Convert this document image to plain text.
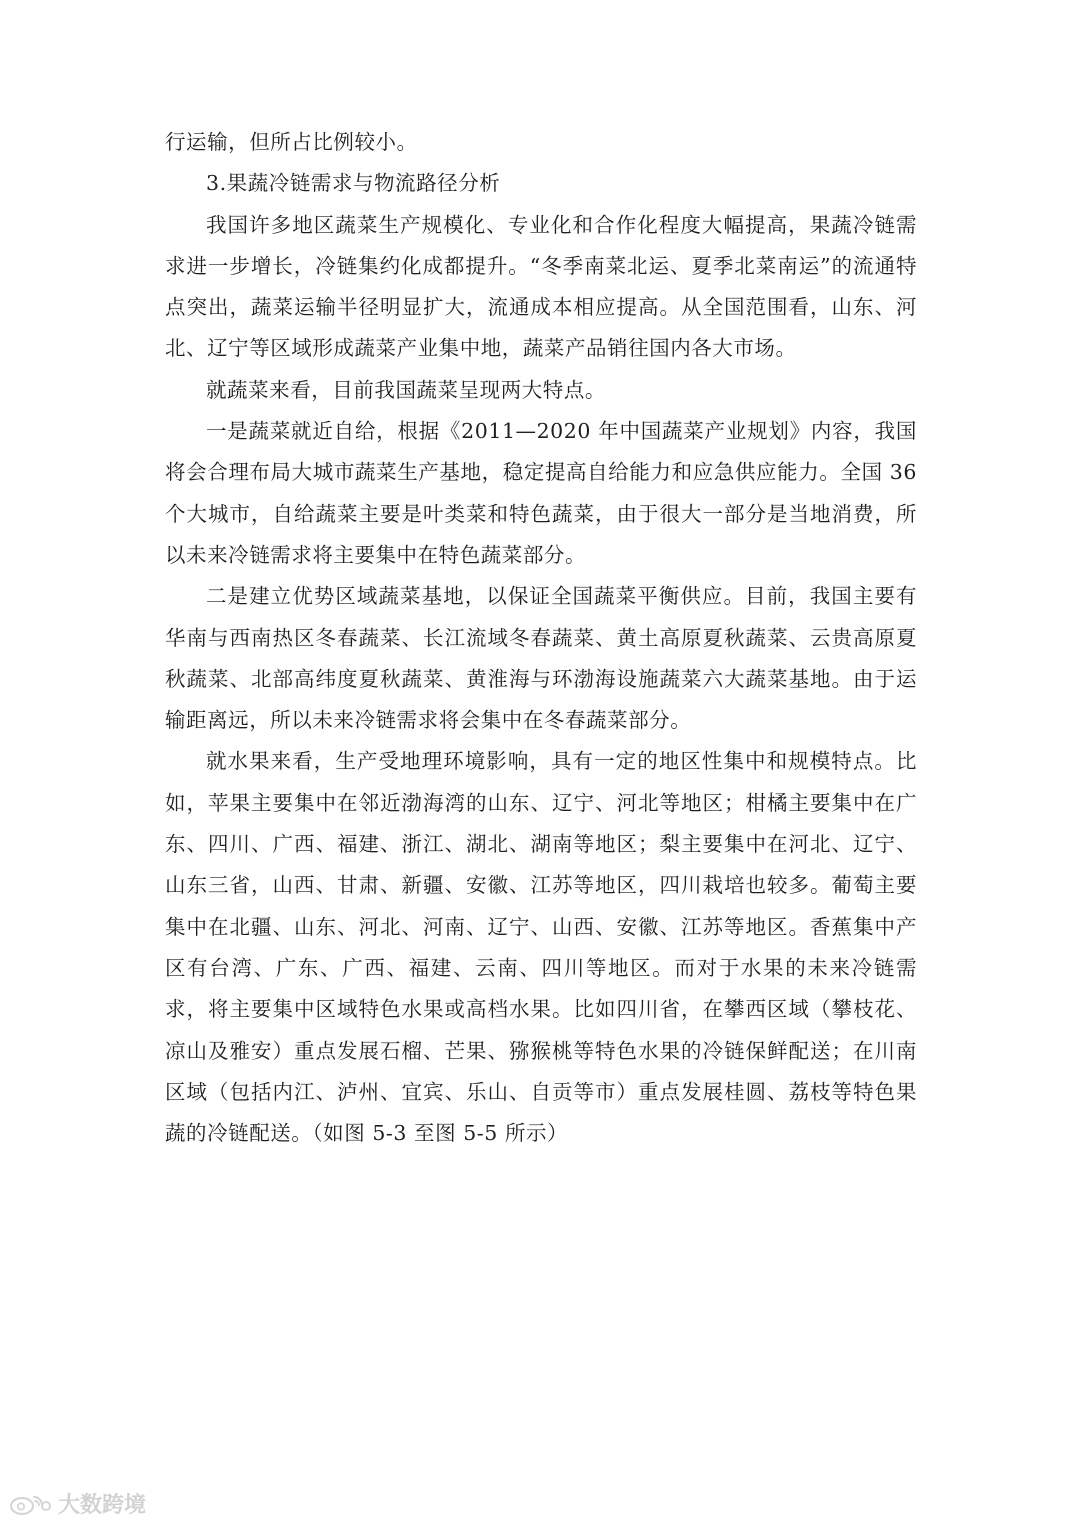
行运输，但所占比例较小。

3.果蔬冷链需求与物流路径分析

我国许多地区蔬菜生产规模化、专业化和合作化程度大幅提高，果蔬冷链需求进一步增长，冷链集约化成都提升。“冬季南菜北运、夏季北菜南运”的流通特点突出，蔬菜运输半径明显扩大，流通成本相应提高。从全国范围看，山东、河北、辽宁等区域形成蔬菜产业集中地，蔬菜产品销往国内各大市场。

就蔬菜来看，目前我国蔬菜呈现两大特点。

一是蔬菜就近自给，根据《2011—2020 年中国蔬菜产业规划》内容，我国将会合理布局大城市蔬菜生产基地，稳定提高自给能力和应急供应能力。全国 36 个大城市，自给蔬菜主要是叶类菜和特色蔬菜，由于很大一部分是当地消费，所以未来冷链需求将主要集中在特色蔬菜部分。

二是建立优势区域蔬菜基地，以保证全国蔬菜平衡供应。目前，我国主要有华南与西南热区冬春蔬菜、长江流域冬春蔬菜、黄土高原夏秋蔬菜、云贵高原夏秋蔬菜、北部高纬度夏秋蔬菜、黄淮海与环渤海设施蔬菜六大蔬菜基地。由于运输距离远，所以未来冷链需求将会集中在冬春蔬菜部分。

就水果来看，生产受地理环境影响，具有一定的地区性集中和规模特点。比如，苹果主要集中在邻近渤海湾的山东、辽宁、河北等地区；柑橘主要集中在广东、四川、广西、福建、浙江、湖北、湖南等地区；梨主要集中在河北、辽宁、山东三省，山西、甘肃、新疆、安徽、江苏等地区，四川栽培也较多。葡萄主要集中在北疆、山东、河北、河南、辽宁、山西、安徽、江苏等地区。香蕉集中产区有台湾、广东、广西、福建、云南、四川等地区。而对于水果的未来冷链需求，将主要集中区域特色水果或高档水果。比如四川省，在攀西区域（攀枝花、凉山及雅安）重点发展石榴、芒果、猕猴桃等特色水果的冷链保鲜配送；在川南区域（包括内江、泸州、宜宾、乐山、自贡等市）重点发展桂圆、荔枝等特色果蔬的冷链配送。（如图 5-3 至图 5-5 所示）

大数跨境
